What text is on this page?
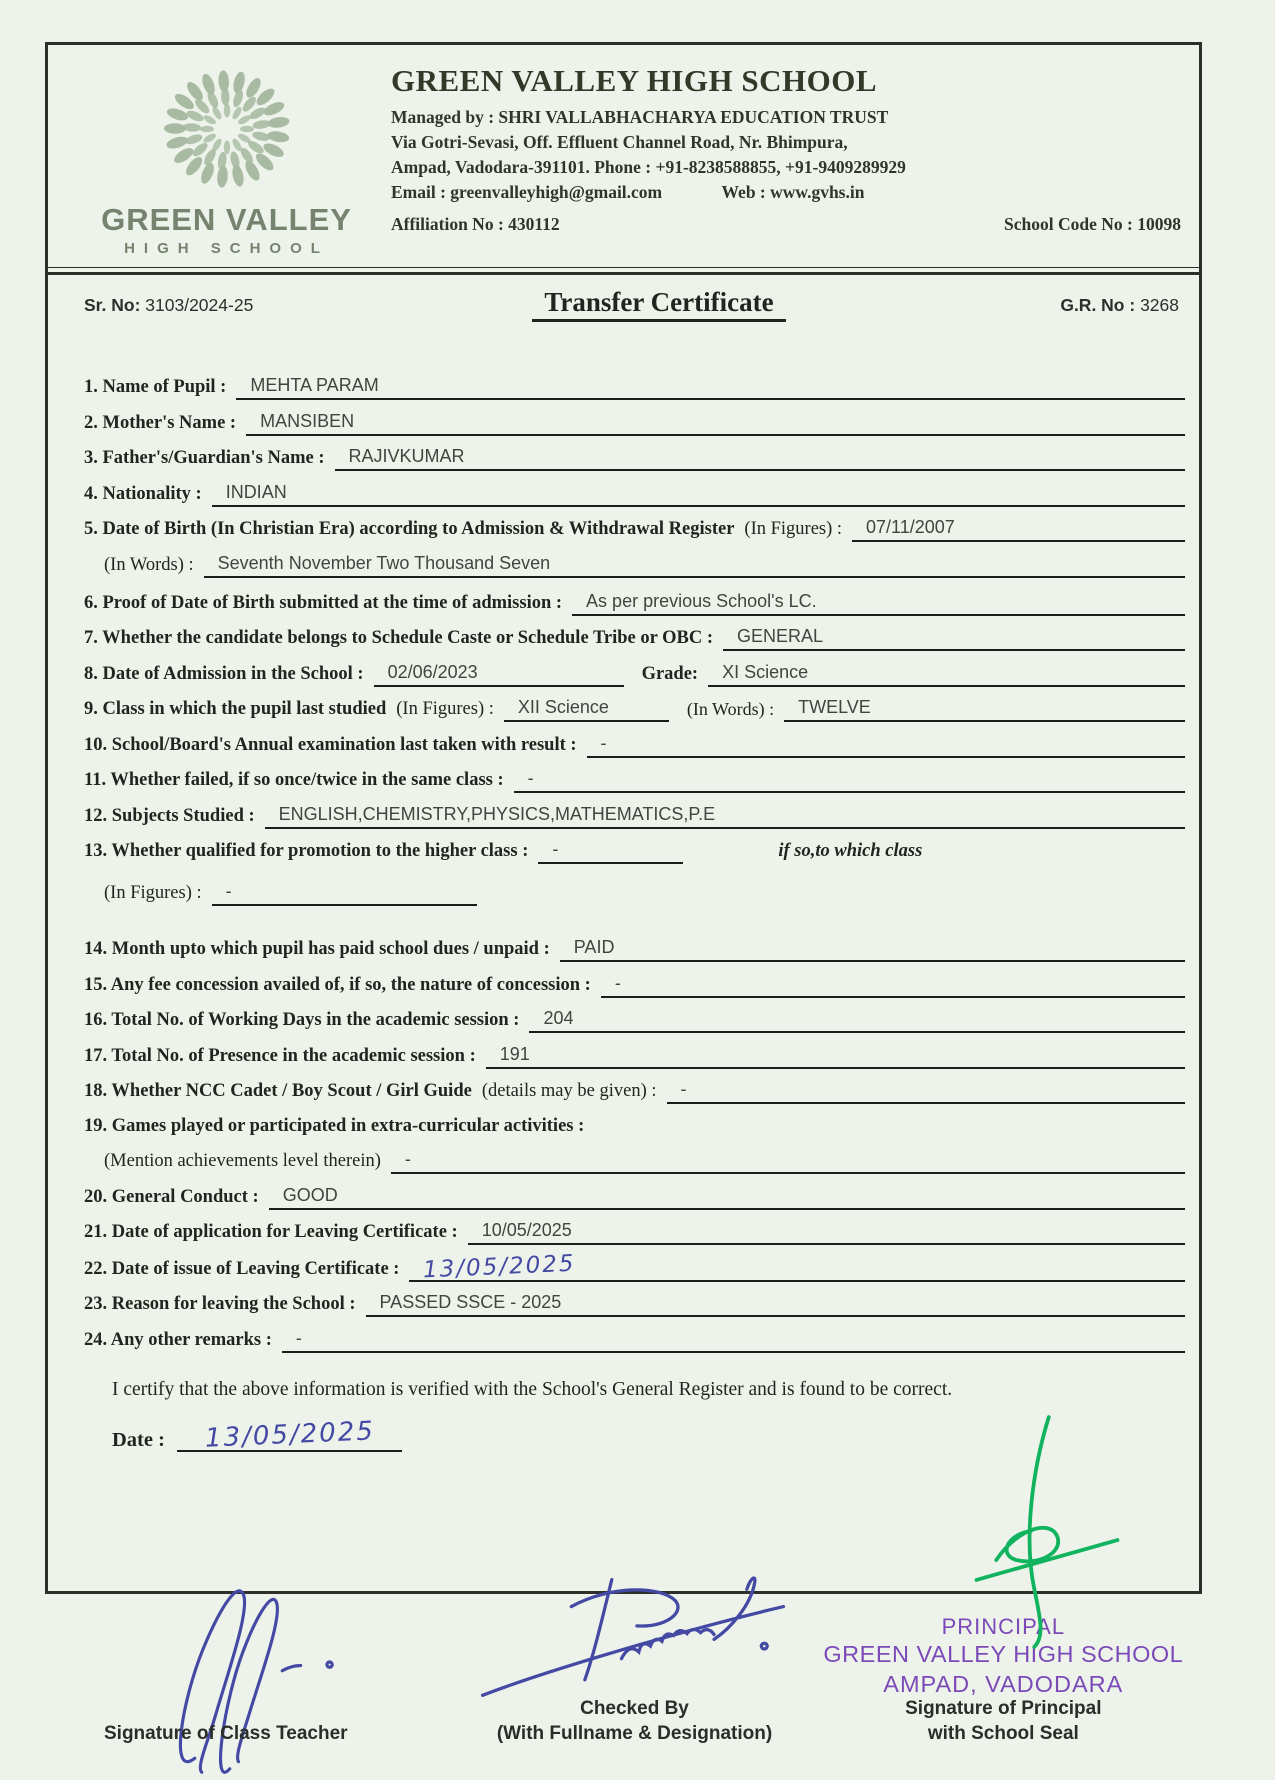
GREEN VALLEY
HIGH SCHOOL
GREEN VALLEY HIGH SCHOOL
Managed by : SHRI VALLABHACHARYA EDUCATION TRUST
Via Gotri-Sevasi, Off. Effluent Channel Road, Nr. Bhimpura,
Ampad, Vadodara-391101. Phone : +91-8238588855, +91-9409289929
Email : greenvalleyhigh@gmail.com	Web : www.gvhs.in
Affiliation No : 430112	School Code No : 10098
Sr. No: 3103/2024-25	Transfer Certificate	G.R. No : 3268
1. Name of Pupil :	MEHTA PARAM
2. Mother's Name :	MANSIBEN
3. Father's/Guardian's Name :	RAJIVKUMAR
4. Nationality :	INDIAN
5. Date of Birth (In Christian Era) according to Admission & Withdrawal Register (In Figures) :	07/11/2007
(In Words) :	Seventh November Two Thousand Seven
6. Proof of Date of Birth submitted at the time of admission :	As per previous School's LC.
7. Whether the candidate belongs to Schedule Caste or Schedule Tribe or OBC :	GENERAL
8. Date of Admission in the School :	02/06/2023	Grade:	XI Science
9. Class in which the pupil last studied (In Figures) :	XII Science	(In Words) :	TWELVE
10. School/Board's Annual examination last taken with result :	-
11. Whether failed, if so once/twice in the same class :	-
12. Subjects Studied :	ENGLISH,CHEMISTRY,PHYSICS,MATHEMATICS,P.E
13. Whether qualified for promotion to the higher class :	-	if so,to which class
(In Figures) :	-
14. Month upto which pupil has paid school dues / unpaid :	PAID
15. Any fee concession availed of, if so, the nature of concession :	-
16. Total No. of Working Days in the academic session :	204
17. Total No. of Presence in the academic session :	191
18. Whether NCC Cadet / Boy Scout / Girl Guide (details may be given) :	-
19. Games played or participated in extra-curricular activities :
(Mention achievements level therein)	-
20. General Conduct :	GOOD
21. Date of application for Leaving Certificate :	10/05/2025
22. Date of issue of Leaving Certificate :	13/05/2025
23. Reason for leaving the School :	PASSED SSCE - 2025
24. Any other remarks :	-

I certify that the above information is verified with the School's General Register and is found to be correct.

Date :	13/05/2025
Signature of Class Teacher
Checked By
(With Fullname & Designation)
PRINCIPAL
GREEN VALLEY HIGH SCHOOL
AMPAD, VADODARA
Signature of Principal
with School Seal
